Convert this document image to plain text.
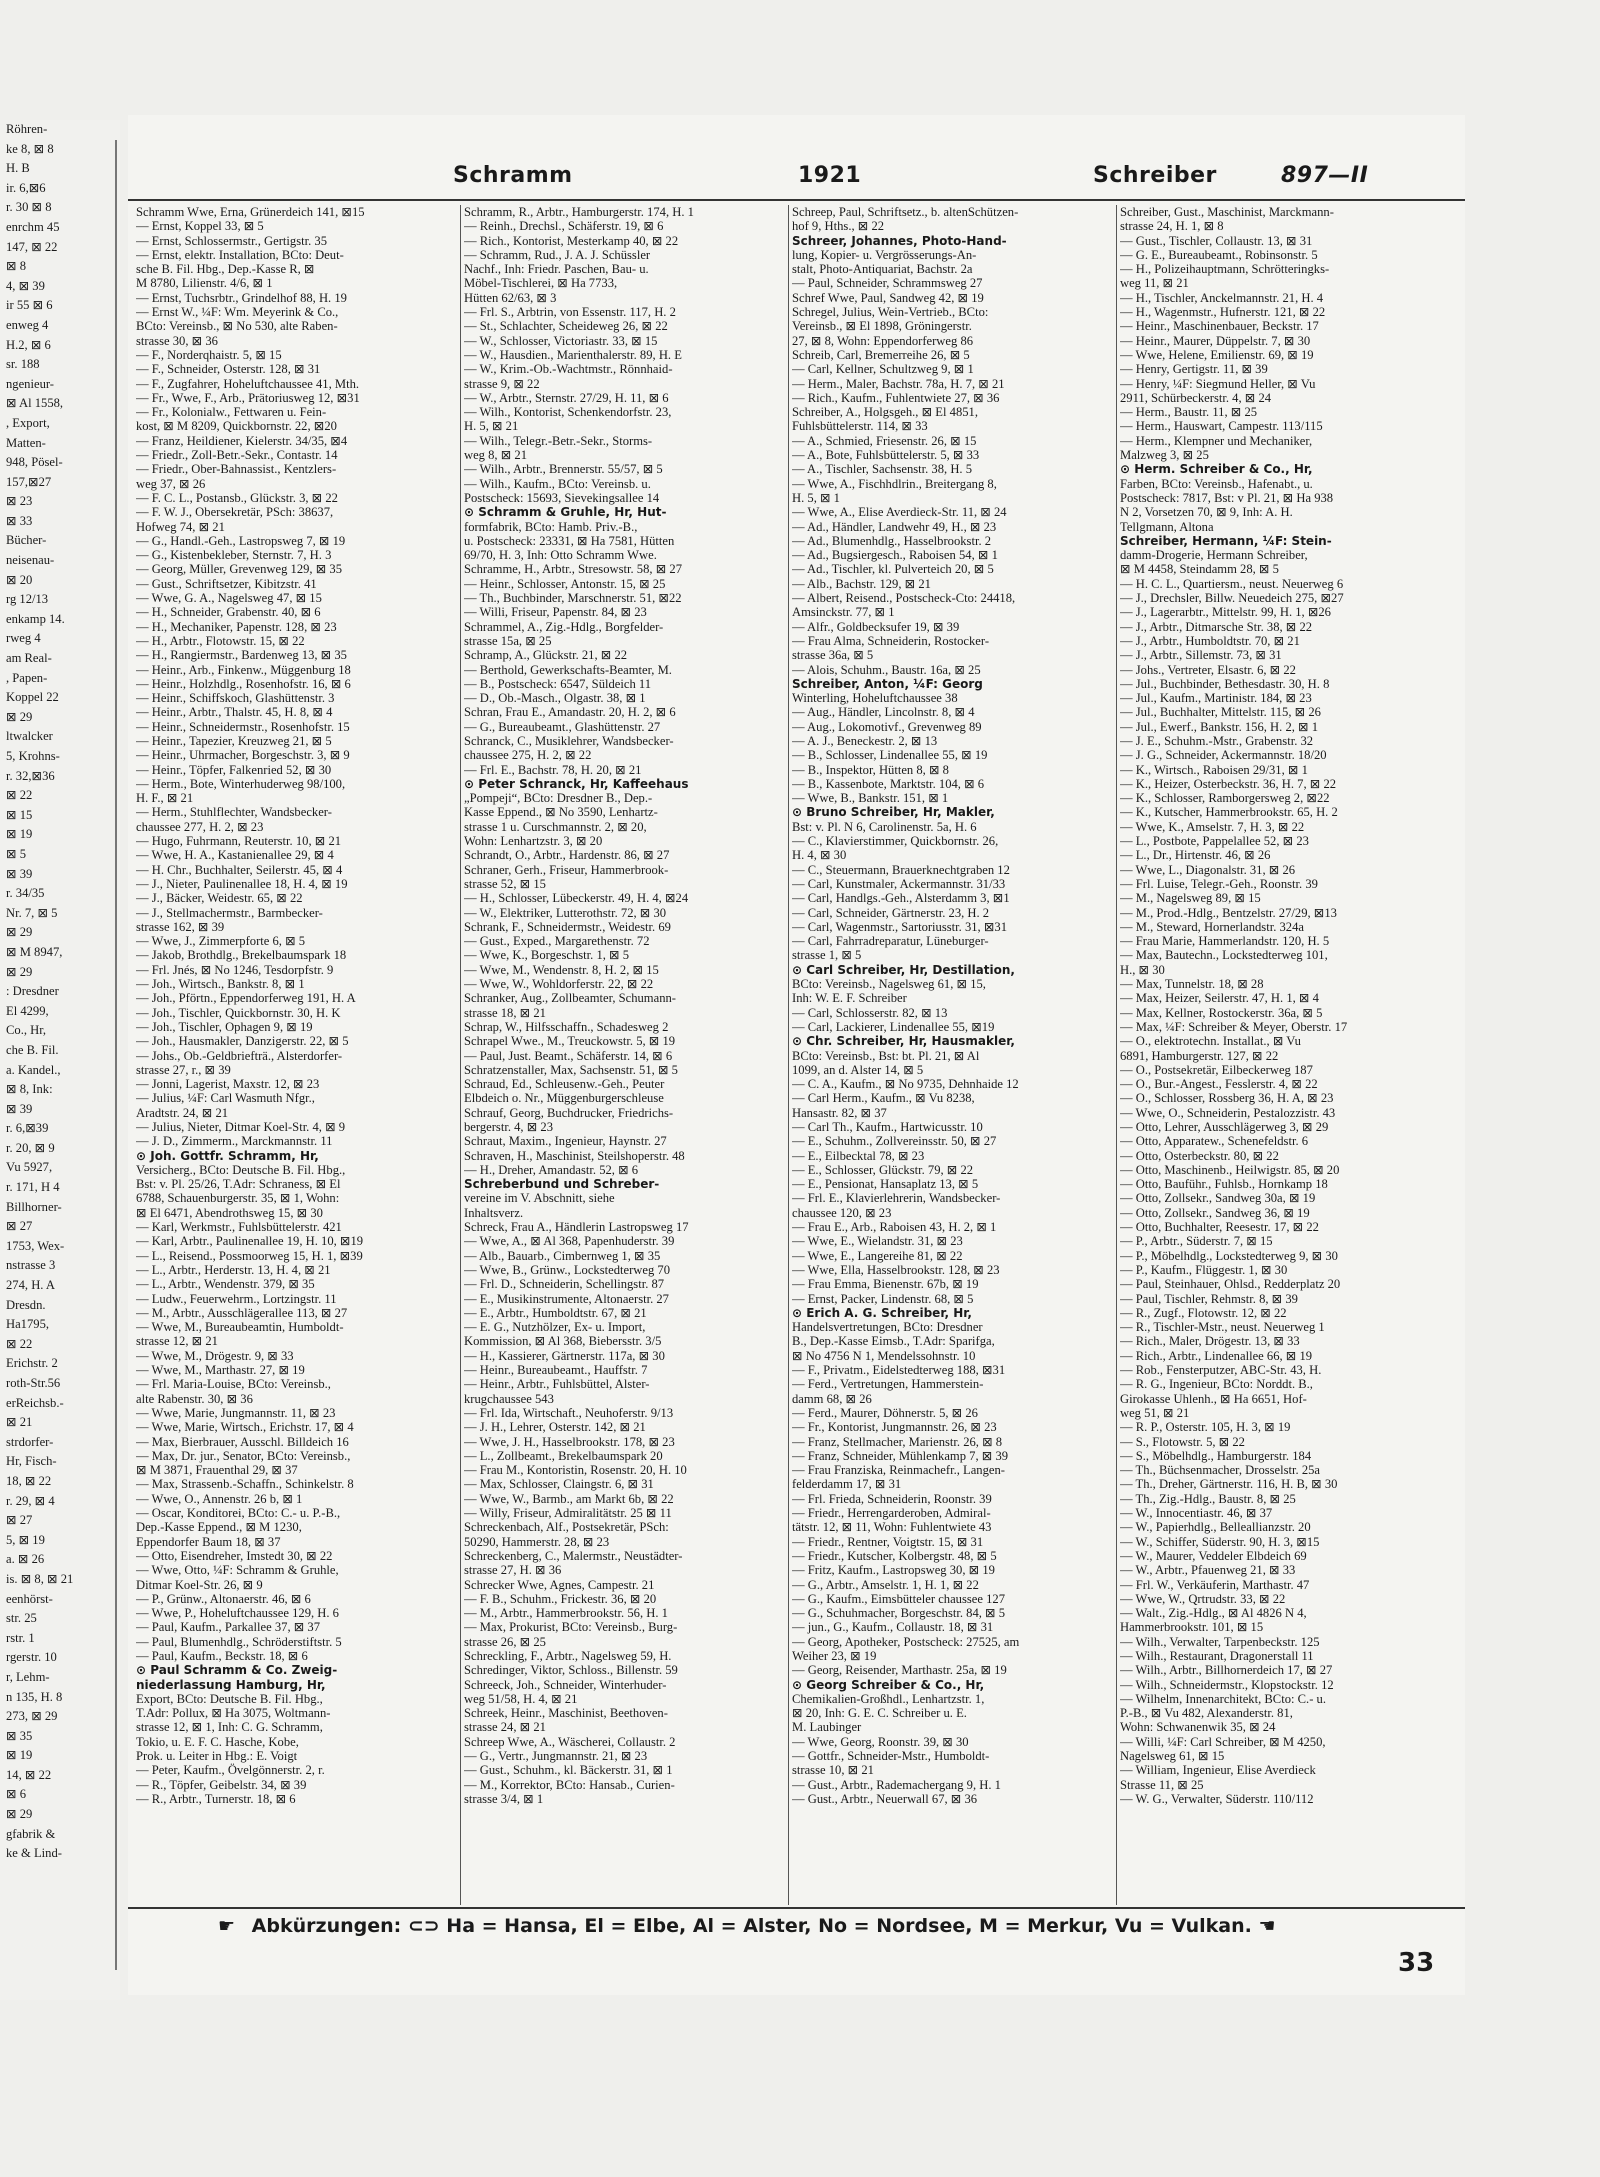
Röhren-
ke 8, ⊠ 8
H. B
ir. 6,⊠6
r. 30 ⊠ 8
enrchm 45
147, ⊠ 22
⊠ 8
4, ⊠ 39
ir 55 ⊠ 6
enweg 4
H.2, ⊠ 6
sr. 188
ngenieur-
⊠ Al 1558,
, Export,
Matten-
948, Pösel-
157,⊠27
⊠ 23
⊠ 33
Bücher-
neisenau-
⊠ 20
rg 12/13
enkamp 14.
rweg 4
am Real-
, Papen-
Koppel 22
⊠ 29
ltwalcker
5, Krohns-
r. 32,⊠36
⊠ 22
⊠ 15
⊠ 19
⊠ 5
⊠ 39
r. 34/35
Nr. 7, ⊠ 5
⊠ 29
⊠ M 8947,
⊠ 29
: Dresdner
El 4299,
Co., Hr,
che B. Fil.
a. Kandel.,
⊠ 8, Ink:
⊠ 39
r. 6,⊠39
r. 20, ⊠ 9
Vu 5927,
r. 171, H 4
Billhorner-
⊠ 27
1753, Wex-
nstrasse 3
274, H. A
Dresdn.
Ha1795,
⊠ 22
Erichstr. 2
roth-Str.56
erReichsb.-
⊠ 21
strdorfer-
Hr, Fisch-
18, ⊠ 22
r. 29, ⊠ 4
⊠ 27
5, ⊠ 19
a. ⊠ 26
is. ⊠ 8, ⊠ 21
eenhörst-
str. 25
rstr. 1
rgerstr. 10
r, Lehm-
n 135, H. 8
273, ⊠ 29
⊠ 35
⊠ 19
14, ⊠ 22
⊠ 6
⊠ 29
gfabrik &
ke & Lind-
Schramm	1921	Schreiber	897—II
Schramm Wwe, Erna, Grünerdeich 141, ⊠15
— Ernst, Koppel 33, ⊠ 5
— Ernst, Schlossermstr., Gertigstr. 35
— Ernst, elektr. Installation, BCto: Deut-
sche B. Fil. Hbg., Dep.-Kasse R, ⊠
M 8780, Lilienstr. 4/6, ⊠ 1
— Ernst, Tuchsrbtr., Grindelhof 88, H. 19
— Ernst W., ¼F: Wm. Meyerink & Co.,
BCto: Vereinsb., ⊠ No 530, alte Raben-
strasse 30, ⊠ 36
— F., Norderqhaistr. 5, ⊠ 15
— F., Schneider, Osterstr. 128, ⊠ 31
— F., Zugfahrer, Hoheluftchaussee 41, Mth.
— Fr., Wwe, F., Arb., Prätoriusweg 12, ⊠31
— Fr., Kolonialw., Fettwaren u. Fein-
kost, ⊠ M 8209, Quickbornstr. 22, ⊠20
— Franz, Heildiener, Kielerstr. 34/35, ⊠4
— Friedr., Zoll-Betr.-Sekr., Contastr. 14
— Friedr., Ober-Bahnassist., Kentzlers-
weg 37, ⊠ 26
— F. C. L., Postansb., Glückstr. 3, ⊠ 22
— F. W. J., Obersekretär, PSch: 38637,
Hofweg 74, ⊠ 21
— G., Handl.-Geh., Lastropsweg 7, ⊠ 19
— G., Kistenbekleber, Sternstr. 7, H. 3
— Georg, Müller, Grevenweg 129, ⊠ 35
— Gust., Schriftsetzer, Kibitzstr. 41
— Wwe, G. A., Nagelsweg 47, ⊠ 15
— H., Schneider, Grabenstr. 40, ⊠ 6
— H., Mechaniker, Papenstr. 128, ⊠ 23
— H., Arbtr., Flotowstr. 15, ⊠ 22
— H., Rangiermstr., Bardenweg 13, ⊠ 35
— Heinr., Arb., Finkenw., Müggenburg 18
— Heinr., Holzhdlg., Rosenhofstr. 16, ⊠ 6
— Heinr., Schiffskoch, Glashüttenstr. 3
— Heinr., Arbtr., Thalstr. 45, H. 8, ⊠ 4
— Heinr., Schneidermstr., Rosenhofstr. 15
— Heinr., Tapezier, Kreuzweg 21, ⊠ 5
— Heinr., Uhrmacher, Borgeschstr. 3, ⊠ 9
— Heinr., Töpfer, Falkenried 52, ⊠ 30
— Herm., Bote, Winterhuderweg 98/100,
H. F., ⊠ 21
— Herm., Stuhlflechter, Wandsbecker-
chaussee 277, H. 2, ⊠ 23
— Hugo, Fuhrmann, Reuterstr. 10, ⊠ 21
— Wwe, H. A., Kastanienallee 29, ⊠ 4
— H. Chr., Buchhalter, Seilerstr. 45, ⊠ 4
— J., Nieter, Paulinenallee 18, H. 4, ⊠ 19
— J., Bäcker, Weidestr. 65, ⊠ 22
— J., Stellmachermstr., Barmbecker-
strasse 162, ⊠ 39
— Wwe, J., Zimmerpforte 6, ⊠ 5
— Jakob, Brothdlg., Brekelbaumspark 18
— Frl. Jnés, ⊠ No 1246, Tesdorpfstr. 9
— Joh., Wirtsch., Bankstr. 8, ⊠ 1
— Joh., Pförtn., Eppendorferweg 191, H. A
— Joh., Tischler, Quickbornstr. 30, H. K
— Joh., Tischler, Ophagen 9, ⊠ 19
— Joh., Hausmakler, Danzigerstr. 22, ⊠ 5
— Johs., Ob.-Geldbriefträ., Alsterdorfer-
strasse 27, r., ⊠ 39
— Jonni, Lagerist, Maxstr. 12, ⊠ 23
— Julius, ¼F: Carl Wasmuth Nfgr.,
Aradtstr. 24, ⊠ 21
— Julius, Nieter, Ditmar Koel-Str. 4, ⊠ 9
— J. D., Zimmerm., Marckmannstr. 11
⊙ Joh. Gottfr. Schramm, Hr,
Versicherg., BCto: Deutsche B. Fil. Hbg.,
Bst: v. Pl. 25/26, T.Adr: Schraness, ⊠ El
6788, Schauenburgerstr. 35, ⊠ 1, Wohn:
⊠ El 6471, Abendrothsweg 15, ⊠ 30
— Karl, Werkmstr., Fuhlsbüttelerstr. 421
— Karl, Arbtr., Paulinenallee 19, H. 10, ⊠19
— L., Reisend., Possmoorweg 15, H. 1, ⊠39
— L., Arbtr., Herderstr. 13, H. 4, ⊠ 21
— L., Arbtr., Wendenstr. 379, ⊠ 35
— Ludw., Feuerwehrm., Lortzingstr. 11
— M., Arbtr., Ausschlägerallee 113, ⊠ 27
— Wwe, M., Bureaubeamtin, Humboldt-
strasse 12, ⊠ 21
— Wwe, M., Drögestr. 9, ⊠ 33
— Wwe, M., Marthastr. 27, ⊠ 19
— Frl. Maria-Louise, BCto: Vereinsb.,
alte Rabenstr. 30, ⊠ 36
— Wwe, Marie, Jungmannstr. 11, ⊠ 23
— Wwe, Marie, Wirtsch., Erichstr. 17, ⊠ 4
— Max, Bierbrauer, Ausschl. Billdeich 16
— Max, Dr. jur., Senator, BCto: Vereinsb.,
⊠ M 3871, Frauenthal 29, ⊠ 37
— Max, Strassenb.-Schaffn., Schinkelstr. 8
— Wwe, O., Annenstr. 26 b, ⊠ 1
— Oscar, Konditorei, BCto: C.- u. P.-B.,
Dep.-Kasse Eppend., ⊠ M 1230,
Eppendorfer Baum 18, ⊠ 37
— Otto, Eisendreher, Imstedt 30, ⊠ 22
— Wwe, Otto, ¼F: Schramm & Gruhle,
Ditmar Koel-Str. 26, ⊠ 9
— P., Grünw., Altonaerstr. 46, ⊠ 6
— Wwe, P., Hoheluftchaussee 129, H. 6
— Paul, Kaufm., Parkallee 37, ⊠ 37
— Paul, Blumenhdlg., Schröderstiftstr. 5
— Paul, Kaufm., Beckstr. 18, ⊠ 6
⊙ Paul Schramm & Co. Zweig-
niederlassung Hamburg, Hr,
Export, BCto: Deutsche B. Fil. Hbg.,
T.Adr: Pollux, ⊠ Ha 3075, Woltmann-
strasse 12, ⊠ 1, Inh: C. G. Schramm,
Tokio, u. E. F. C. Hasche, Kobe,
Prok. u. Leiter in Hbg.: E. Voigt
— Peter, Kaufm., Övelgönnerstr. 2, r.
— R., Töpfer, Geibelstr. 34, ⊠ 39
— R., Arbtr., Turnerstr. 18, ⊠ 6
Schramm, R., Arbtr., Hamburgerstr. 174, H. 1
— Reinh., Drechsl., Schäferstr. 19, ⊠ 6
— Rich., Kontorist, Mesterkamp 40, ⊠ 22
— Schramm, Rud., J. A. J. Schüssler
Nachf., Inh: Friedr. Paschen, Bau- u.
Möbel-Tischlerei, ⊠ Ha 7733,
Hütten 62/63, ⊠ 3
— Frl. S., Arbtrin, von Essenstr. 117, H. 2
— St., Schlachter, Scheideweg 26, ⊠ 22
— W., Schlosser, Victoriastr. 33, ⊠ 15
— W., Hausdien., Marienthalerstr. 89, H. E
— W., Krim.-Ob.-Wachtmstr., Rönnhaid-
strasse 9, ⊠ 22
— W., Arbtr., Sternstr. 27/29, H. 11, ⊠ 6
— Wilh., Kontorist, Schenkendorfstr. 23,
H. 5, ⊠ 21
— Wilh., Telegr.-Betr.-Sekr., Storms-
weg 8, ⊠ 21
— Wilh., Arbtr., Brennerstr. 55/57, ⊠ 5
— Wilh., Kaufm., BCto: Vereinsb. u.
Postscheck: 15693, Sievekingsallee 14
⊙ Schramm & Gruhle, Hr, Hut-
formfabrik, BCto: Hamb. Priv.-B.,
u. Postscheck: 23331, ⊠ Ha 7581, Hütten
69/70, H. 3, Inh: Otto Schramm Wwe.
Schramme, H., Arbtr., Stresowstr. 58, ⊠ 27
— Heinr., Schlosser, Antonstr. 15, ⊠ 25
— Th., Buchbinder, Marschnerstr. 51, ⊠22
— Willi, Friseur, Papenstr. 84, ⊠ 23
Schrammel, A., Zig.-Hdlg., Borgfelder-
strasse 15a, ⊠ 25
Schramp, A., Glückstr. 21, ⊠ 22
— Berthold, Gewerkschafts-Beamter, M.
— B., Postscheck: 6547, Süldeich 11
— D., Ob.-Masch., Olgastr. 38, ⊠ 1
Schran, Frau E., Amandastr. 20, H. 2, ⊠ 6
— G., Bureaubeamt., Glashüttenstr. 27
Schranck, C., Musiklehrer, Wandsbecker-
chaussee 275, H. 2, ⊠ 22
— Frl. E., Bachstr. 78, H. 20, ⊠ 21
⊙ Peter Schranck, Hr, Kaffeehaus
„Pompeji“, BCto: Dresdner B., Dep.-
Kasse Eppend., ⊠ No 3590, Lenhartz-
strasse 1 u. Curschmannstr. 2, ⊠ 20,
Wohn: Lenhartzstr. 3, ⊠ 20
Schrandt, O., Arbtr., Hardenstr. 86, ⊠ 27
Schraner, Gerh., Friseur, Hammerbrook-
strasse 52, ⊠ 15
— H., Schlosser, Lübeckerstr. 49, H. 4, ⊠24
— W., Elektriker, Lutterothstr. 72, ⊠ 30
Schrank, F., Schneidermstr., Weidestr. 69
— Gust., Exped., Margarethenstr. 72
— Wwe, K., Borgeschstr. 1, ⊠ 5
— Wwe, M., Wendenstr. 8, H. 2, ⊠ 15
— Wwe, W., Wohldorferstr. 22, ⊠ 22
Schranker, Aug., Zollbeamter, Schumann-
strasse 18, ⊠ 21
Schrap, W., Hilfsschaffn., Schadesweg 2
Schrapel Wwe., M., Treuckowstr. 5, ⊠ 19
— Paul, Just. Beamt., Schäferstr. 14, ⊠ 6
Schratzenstaller, Max, Sachsenstr. 51, ⊠ 5
Schraud, Ed., Schleusenw.-Geh., Peuter
Elbdeich o. Nr., Müggenburgerschleuse
Schrauf, Georg, Buchdrucker, Friedrichs-
bergerstr. 4, ⊠ 23
Schraut, Maxim., Ingenieur, Haynstr. 27
Schraven, H., Maschinist, Steilshoperstr. 48
— H., Dreher, Amandastr. 52, ⊠ 6
Schreberbund und Schreber-
vereine im V. Abschnitt, siehe
Inhaltsverz.
Schreck, Frau A., Händlerin Lastropsweg 17
— Wwe, A., ⊠ Al 368, Papenhuderstr. 39
— Alb., Bauarb., Cimbernweg 1, ⊠ 35
— Wwe, B., Grünw., Lockstedterweg 70
— Frl. D., Schneiderin, Schellingstr. 87
— E., Musikinstrumente, Altonaerstr. 27
— E., Arbtr., Humboldtstr. 67, ⊠ 21
— E. G., Nutzhölzer, Ex- u. Import,
Kommission, ⊠ Al 368, Biebersstr. 3/5
— H., Kassierer, Gärtnerstr. 117a, ⊠ 30
— Heinr., Bureaubeamt., Hauffstr. 7
— Heinr., Arbtr., Fuhlsbüttel, Alster-
krugchaussee 543
— Frl. Ida, Wirtschaft., Neuhoferstr. 9/13
— J. H., Lehrer, Osterstr. 142, ⊠ 21
— Wwe, J. H., Hasselbrookstr. 178, ⊠ 23
— L., Zollbeamt., Brekelbaumspark 20
— Frau M., Kontoristin, Rosenstr. 20, H. 10
— Max, Schlosser, Claingstr. 6, ⊠ 31
— Wwe, W., Barmb., am Markt 6b, ⊠ 22
— Willy, Friseur, Admiralitätstr. 25 ⊠ 11
Schreckenbach, Alf., Postsekretär, PSch:
50290, Hammerstr. 28, ⊠ 23
Schreckenberg, C., Malermstr., Neustädter-
strasse 27, H. ⊠ 36
Schrecker Wwe, Agnes, Campestr. 21
— F. B., Schuhm., Frickestr. 36, ⊠ 20
— M., Arbtr., Hammerbrookstr. 56, H. 1
— Max, Prokurist, BCto: Vereinsb., Burg-
strasse 26, ⊠ 25
Schreckling, F., Arbtr., Nagelsweg 59, H.
Schredinger, Viktor, Schloss., Billenstr. 59
Schreeck, Joh., Schneider, Winterhuder-
weg 51/58, H. 4, ⊠ 21
Schreek, Heinr., Maschinist, Beethoven-
strasse 24, ⊠ 21
Schreep Wwe, A., Wäscherei, Collaustr. 2
— G., Vertr., Jungmannstr. 21, ⊠ 23
— Gust., Schuhm., kl. Bäckerstr. 31, ⊠ 1
— M., Korrektor, BCto: Hansab., Curien-
strasse 3/4, ⊠ 1
Schreep, Paul, Schriftsetz., b. altenSchützen-
hof 9, Hths., ⊠ 22
Schreer, Johannes, Photo-Hand-
lung, Kopier- u. Vergrösserungs-An-
stalt, Photo-Antiquariat, Bachstr. 2a
— Paul, Schneider, Schrammsweg 27
Schref Wwe, Paul, Sandweg 42, ⊠ 19
Schregel, Julius, Wein-Vertrieb., BCto:
Vereinsb., ⊠ El 1898, Gröningerstr.
27, ⊠ 8, Wohn: Eppendorferweg 86
Schreib, Carl, Bremerreihe 26, ⊠ 5
— Carl, Kellner, Schultzweg 9, ⊠ 1
— Herm., Maler, Bachstr. 78a, H. 7, ⊠ 21
— Rich., Kaufm., Fuhlentwiete 27, ⊠ 36
Schreiber, A., Holgsgeh., ⊠ El 4851,
Fuhlsbüttelerstr. 114, ⊠ 33
— A., Schmied, Friesenstr. 26, ⊠ 15
— A., Bote, Fuhlsbüttelerstr. 5, ⊠ 33
— A., Tischler, Sachsenstr. 38, H. 5
— Wwe, A., Fischhdlrin., Breitergang 8,
H. 5, ⊠ 1
— Wwe, A., Elise Averdieck-Str. 11, ⊠ 24
— Ad., Händler, Landwehr 49, H., ⊠ 23
— Ad., Blumenhdlg., Hasselbrookstr. 2
— Ad., Bugsiergesch., Raboisen 54, ⊠ 1
— Ad., Tischler, kl. Pulverteich 20, ⊠ 5
— Alb., Bachstr. 129, ⊠ 21
— Albert, Reisend., Postscheck-Cto: 24418,
Amsinckstr. 77, ⊠ 1
— Alfr., Goldbecksufer 19, ⊠ 39
— Frau Alma, Schneiderin, Rostocker-
strasse 36a, ⊠ 5
— Alois, Schuhm., Baustr. 16a, ⊠ 25
Schreiber, Anton, ¼F: Georg
Winterling, Hoheluftchaussee 38
— Aug., Händler, Lincolnstr. 8, ⊠ 4
— Aug., Lokomotivf., Grevenweg 89
— A. J., Beneckestr. 2, ⊠ 13
— B., Schlosser, Lindenallee 55, ⊠ 19
— B., Inspektor, Hütten 8, ⊠ 8
— B., Kassenbote, Marktstr. 104, ⊠ 6
— Wwe, B., Bankstr. 151, ⊠ 1
⊙ Bruno Schreiber, Hr, Makler,
Bst: v. Pl. N 6, Carolinenstr. 5a, H. 6
— C., Klavierstimmer, Quickbornstr. 26,
H. 4, ⊠ 30
— C., Steuermann, Brauerknechtgraben 12
— Carl, Kunstmaler, Ackermannstr. 31/33
— Carl, Handlgs.-Geh., Alsterdamm 3, ⊠1
— Carl, Schneider, Gärtnerstr. 23, H. 2
— Carl, Wagenmstr., Sartoriusstr. 31, ⊠31
— Carl, Fahrradreparatur, Lüneburger-
strasse 1, ⊠ 5
⊙ Carl Schreiber, Hr, Destillation,
BCto: Vereinsb., Nagelsweg 61, ⊠ 15,
Inh: W. E. F. Schreiber
— Carl, Schlosserstr. 82, ⊠ 13
— Carl, Lackierer, Lindenallee 55, ⊠19
⊙ Chr. Schreiber, Hr, Hausmakler,
BCto: Vereinsb., Bst: bt. Pl. 21, ⊠ Al
1099, an d. Alster 14, ⊠ 5
— C. A., Kaufm., ⊠ No 9735, Dehnhaide 12
— Carl Herm., Kaufm., ⊠ Vu 8238,
Hansastr. 82, ⊠ 37
— Carl Th., Kaufm., Hartwicusstr. 10
— E., Schuhm., Zollvereinsstr. 50, ⊠ 27
— E., Eilbecktal 78, ⊠ 23
— E., Schlosser, Glückstr. 79, ⊠ 22
— E., Pensionat, Hansaplatz 13, ⊠ 5
— Frl. E., Klavierlehrerin, Wandsbecker-
chaussee 120, ⊠ 23
— Frau E., Arb., Raboisen 43, H. 2, ⊠ 1
— Wwe, E., Wielandstr. 31, ⊠ 23
— Wwe, E., Langereihe 81, ⊠ 22
— Wwe, Ella, Hasselbrookstr. 128, ⊠ 23
— Frau Emma, Bienenstr. 67b, ⊠ 19
— Ernst, Packer, Lindenstr. 68, ⊠ 5
⊙ Erich A. G. Schreiber, Hr,
Handelsvertretungen, BCto: Dresdner
B., Dep.-Kasse Eimsb., T.Adr: Sparifga,
⊠ No 4756 N 1, Mendelssohnstr. 10
— F., Privatm., Eidelstedterweg 188, ⊠31
— Ferd., Vertretungen, Hammerstein-
damm 68, ⊠ 26
— Ferd., Maurer, Döhnerstr. 5, ⊠ 26
— Fr., Kontorist, Jungmannstr. 26, ⊠ 23
— Franz, Stellmacher, Marienstr. 26, ⊠ 8
— Franz, Schneider, Mühlenkamp 7, ⊠ 39
— Frau Franziska, Reinmachefr., Langen-
felderdamm 17, ⊠ 31
— Frl. Frieda, Schneiderin, Roonstr. 39
— Friedr., Herrengarderoben, Admiral-
tätstr. 12, ⊠ 11, Wohn: Fuhlentwiete 43
— Friedr., Rentner, Voigtstr. 15, ⊠ 31
— Friedr., Kutscher, Kolbergstr. 48, ⊠ 5
— Fritz, Kaufm., Lastropsweg 30, ⊠ 19
— G., Arbtr., Amselstr. 1, H. 1, ⊠ 22
— G., Kaufm., Eimsbütteler chaussee 127
— G., Schuhmacher, Borgeschstr. 84, ⊠ 5
— jun., G., Kaufm., Collaustr. 18, ⊠ 31
— Georg, Apotheker, Postscheck: 27525, am
Weiher 23, ⊠ 19
— Georg, Reisender, Marthastr. 25a, ⊠ 19
⊙ Georg Schreiber & Co., Hr,
Chemikalien-Großhdl., Lenhartzstr. 1,
⊠ 20, Inh: G. E. C. Schreiber u. E.
M. Laubinger
— Wwe, Georg, Roonstr. 39, ⊠ 30
— Gottfr., Schneider-Mstr., Humboldt-
strasse 10, ⊠ 21
— Gust., Arbtr., Rademachergang 9, H. 1
— Gust., Arbtr., Neuerwall 67, ⊠ 36
Schreiber, Gust., Maschinist, Marckmann-
strasse 24, H. 1, ⊠ 8
— Gust., Tischler, Collaustr. 13, ⊠ 31
— G. E., Bureaubeamt., Robinsonstr. 5
— H., Polizeihauptmann, Schrötteringks-
weg 11, ⊠ 21
— H., Tischler, Anckelmannstr. 21, H. 4
— H., Wagenmstr., Hufnerstr. 121, ⊠ 22
— Heinr., Maschinenbauer, Beckstr. 17
— Heinr., Maurer, Düppelstr. 7, ⊠ 30
— Wwe, Helene, Emilienstr. 69, ⊠ 19
— Henry, Gertigstr. 11, ⊠ 39
— Henry, ¼F: Siegmund Heller, ⊠ Vu
2911, Schürbeckerstr. 4, ⊠ 24
— Herm., Baustr. 11, ⊠ 25
— Herm., Hauswart, Campestr. 113/115
— Herm., Klempner und Mechaniker,
Malzweg 3, ⊠ 25
⊙ Herm. Schreiber & Co., Hr,
Farben, BCto: Vereinsb., Hafenabt., u.
Postscheck: 7817, Bst: v Pl. 21, ⊠ Ha 938
N 2, Vorsetzen 70, ⊠ 9, Inh: A. H.
Tellgmann, Altona
Schreiber, Hermann, ¼F: Stein-
damm-Drogerie, Hermann Schreiber,
⊠ M 4458, Steindamm 28, ⊠ 5
— H. C. L., Quartiersm., neust. Neuerweg 6
— J., Drechsler, Billw. Neuedeich 275, ⊠27
— J., Lagerarbtr., Mittelstr. 99, H. 1, ⊠26
— J., Arbtr., Ditmarsche Str. 38, ⊠ 22
— J., Arbtr., Humboldtstr. 70, ⊠ 21
— J., Arbtr., Sillemstr. 73, ⊠ 31
— Johs., Vertreter, Elsastr. 6, ⊠ 22
— Jul., Buchbinder, Bethesdastr. 30, H. 8
— Jul., Kaufm., Martinistr. 184, ⊠ 23
— Jul., Buchhalter, Mittelstr. 115, ⊠ 26
— Jul., Ewerf., Bankstr. 156, H. 2, ⊠ 1
— J. E., Schuhm.-Mstr., Grabenstr. 32
— J. G., Schneider, Ackermannstr. 18/20
— K., Wirtsch., Raboisen 29/31, ⊠ 1
— K., Heizer, Osterbeckstr. 36, H. 7, ⊠ 22
— K., Schlosser, Ramborgersweg 2, ⊠22
— K., Kutscher, Hammerbrookstr. 65, H. 2
— Wwe, K., Amselstr. 7, H. 3, ⊠ 22
— L., Postbote, Pappelallee 52, ⊠ 23
— L., Dr., Hirtenstr. 46, ⊠ 26
— Wwe, L., Diagonalstr. 31, ⊠ 26
— Frl. Luise, Telegr.-Geh., Roonstr. 39
— M., Nagelsweg 89, ⊠ 15
— M., Prod.-Hdlg., Bentzelstr. 27/29, ⊠13
— M., Steward, Hornerlandstr. 324a
— Frau Marie, Hammerlandstr. 120, H. 5
— Max, Bautechn., Lockstedterweg 101,
H., ⊠ 30
— Max, Tunnelstr. 18, ⊠ 28
— Max, Heizer, Seilerstr. 47, H. 1, ⊠ 4
— Max, Kellner, Rostockerstr. 36a, ⊠ 5
— Max, ¼F: Schreiber & Meyer, Oberstr. 17
— O., elektrotechn. Installat., ⊠ Vu
6891, Hamburgerstr. 127, ⊠ 22
— O., Postsekretär, Eilbeckerweg 187
— O., Bur.-Angest., Fesslerstr. 4, ⊠ 22
— O., Schlosser, Rossberg 36, H. A, ⊠ 23
— Wwe, O., Schneiderin, Pestalozzistr. 43
— Otto, Lehrer, Ausschlägerweg 3, ⊠ 29
— Otto, Apparatew., Schenefeldstr. 6
— Otto, Osterbeckstr. 80, ⊠ 22
— Otto, Maschinenb., Heilwigstr. 85, ⊠ 20
— Otto, Bauführ., Fuhlsb., Hornkamp 18
— Otto, Zollsekr., Sandweg 30a, ⊠ 19
— Otto, Zollsekr., Sandweg 36, ⊠ 19
— Otto, Buchhalter, Reesestr. 17, ⊠ 22
— P., Arbtr., Süderstr. 7, ⊠ 15
— P., Möbelhdlg., Lockstedterweg 9, ⊠ 30
— P., Kaufm., Flüggestr. 1, ⊠ 30
— Paul, Steinhauer, Ohlsd., Redderplatz 20
— Paul, Tischler, Rehmstr. 8, ⊠ 39
— R., Zugf., Flotowstr. 12, ⊠ 22
— R., Tischler-Mstr., neust. Neuerweg 1
— Rich., Maler, Drögestr. 13, ⊠ 33
— Rich., Arbtr., Lindenallee 66, ⊠ 19
— Rob., Fensterputzer, ABC-Str. 43, H.
— R. G., Ingenieur, BCto: Norddt. B.,
Girokasse Uhlenh., ⊠ Ha 6651, Hof-
weg 51, ⊠ 21
— R. P., Osterstr. 105, H. 3, ⊠ 19
— S., Flotowstr. 5, ⊠ 22
— S., Möbelhdlg., Hamburgerstr. 184
— Th., Büchsenmacher, Drosselstr. 25a
— Th., Dreher, Gärtnerstr. 116, H. B, ⊠ 30
— Th., Zig.-Hdlg., Baustr. 8, ⊠ 25
— W., Innocentiastr. 46, ⊠ 37
— W., Papierhdlg., Belleallianzstr. 20
— W., Schiffer, Süderstr. 90, H. 3, ⊠15
— W., Maurer, Veddeler Elbdeich 69
— W., Arbtr., Pfauenweg 21, ⊠ 33
— Frl. W., Verkäuferin, Marthastr. 47
— Wwe, W., Qrtrudstr. 33, ⊠ 22
— Walt., Zig.-Hdlg., ⊠ Al 4826 N 4,
Hammerbrookstr. 101, ⊠ 15
— Wilh., Verwalter, Tarpenbeckstr. 125
— Wilh., Restaurant, Dragonerstall 11
— Wilh., Arbtr., Billhornerdeich 17, ⊠ 27
— Wilh., Schneidermstr., Klopstockstr. 12
— Wilhelm, Innenarchitekt, BCto: C.- u.
P.-B., ⊠ Vu 482, Alexanderstr. 81,
Wohn: Schwanenwik 35, ⊠ 24
— Willi, ¼F: Carl Schreiber, ⊠ M 4250,
Nagelsweg 61, ⊠ 15
— William, Ingenieur, Elise Averdieck
Strasse 11, ⊠ 25
— W. G., Verwalter, Süderstr. 110/112
☛ Abkürzungen: ⊂⊃ Ha = Hansa, El = Elbe, Al = Alster, No = Nordsee, M = Merkur, Vu = Vulkan. ☚
33
